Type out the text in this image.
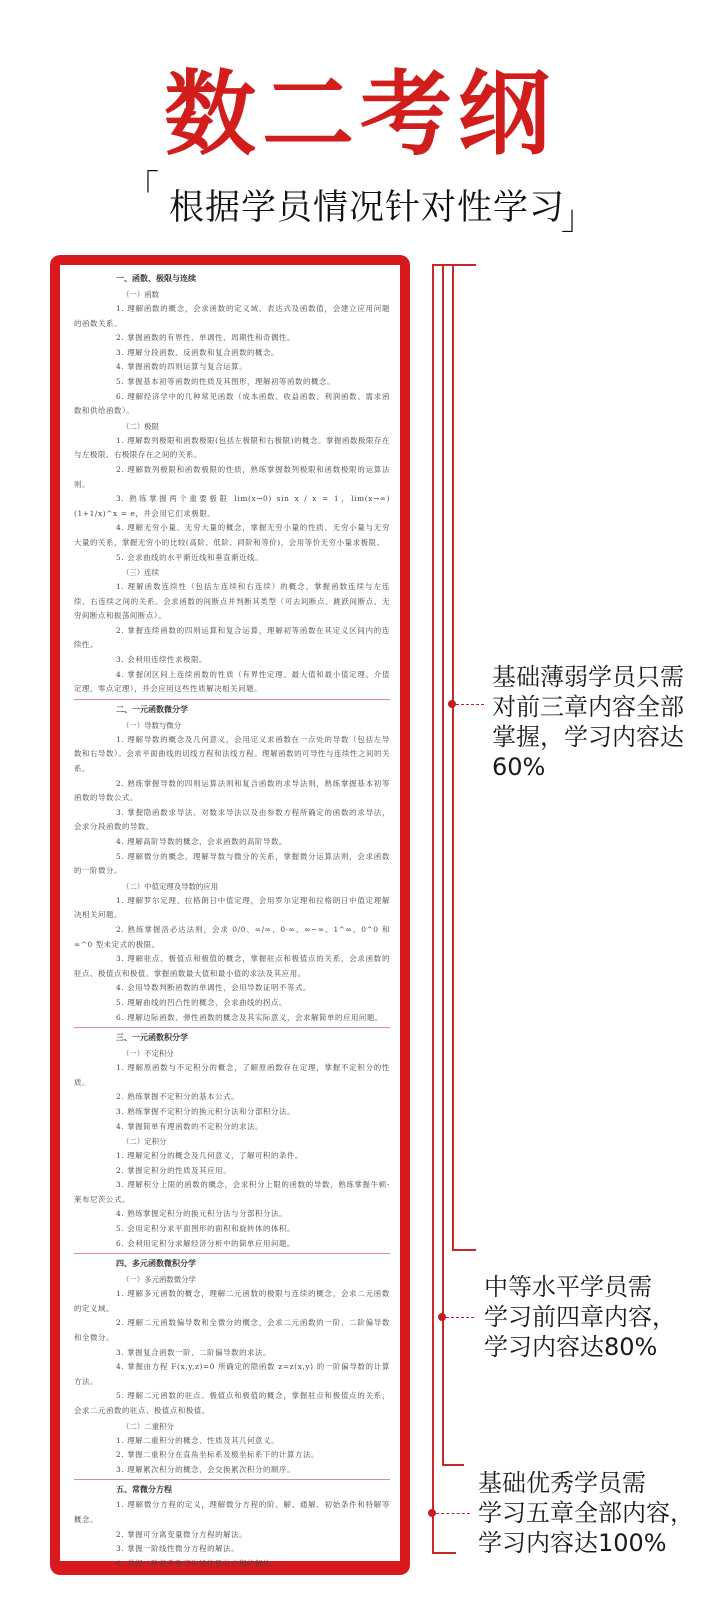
数二考纲
「 根据学员情况针对性学习
」
一、函数、极限与连续
（一）函数
1. 理解函数的概念，会求函数的定义域、表达式及函数值，会建立应用问题的函数关系。
2. 掌握函数的有界性、单调性、周期性和奇偶性。
3. 理解分段函数、反函数和复合函数的概念。
4. 掌握函数的四则运算与复合运算。
5. 掌握基本初等函数的性质及其图形，理解初等函数的概念。
6. 理解经济学中的几种常见函数（成本函数、收益函数、利润函数、需求函数和供给函数）。
（二）极限
1. 理解数列极限和函数极限(包括左极限和右极限)的概念。掌握函数极限存在与左极限、右极限存在之间的关系。
2. 理解数列极限和函数极限的性质，熟练掌握数列极限和函数极限的运算法则。
3. 熟练掌握两个重要极限 lim(x→0) sin x / x = 1，lim(x→∞)(1+1/x)^x = e，并会用它们求极限。
4. 理解无穷小量、无穷大量的概念，掌握无穷小量的性质、无穷小量与无穷大量的关系，掌握无穷小的比较(高阶、低阶、同阶和等价)，会用等价无穷小量求极限。
5. 会求曲线的水平渐近线和垂直渐近线。
（三）连续
1. 理解函数连续性（包括左连续和右连续）的概念，掌握函数连续与左连续、右连续之间的关系。会求函数的间断点并判断其类型（可去间断点、跳跃间断点、无穷间断点和振荡间断点）。
2. 掌握连续函数的四则运算和复合运算，理解初等函数在其定义区间内的连续性。
3. 会利用连续性求极限。
4. 掌握闭区间上连续函数的性质（有界性定理、最大值和最小值定理、介值定理、零点定理），并会应用这些性质解决相关问题。
二、一元函数微分学
（一）导数与微分
1. 理解导数的概念及几何意义，会用定义求函数在一点处的导数（包括左导数和右导数）。会求平面曲线的切线方程和法线方程。理解函数的可导性与连续性之间的关系。
2. 熟练掌握导数的四则运算法则和复合函数的求导法则，熟练掌握基本初等函数的导数公式。
3. 掌握隐函数求导法、对数求导法以及由参数方程所确定的函数的求导法，会求分段函数的导数。
4. 理解高阶导数的概念，会求函数的高阶导数。
5. 理解微分的概念，理解导数与微分的关系，掌握微分运算法则，会求函数的一阶微分。
（二）中值定理及导数的应用
1. 理解罗尔定理、拉格朗日中值定理，会用罗尔定理和拉格朗日中值定理解决相关问题。
2. 熟练掌握洛必达法则，会求 0/0、∞/∞、0·∞、∞−∞、1^∞、0^0 和 ∞^0 型未定式的极限。
3. 理解驻点、极值点和极值的概念，掌握驻点和极值点的关系，会求函数的驻点、极值点和极值。掌握函数最大值和最小值的求法及其应用。
4. 会用导数判断函数的单调性，会用导数证明不等式。
5. 理解曲线的凹凸性的概念，会求曲线的拐点。
6. 理解边际函数、弹性函数的概念及其实际意义，会求解简单的应用问题。
三、一元函数积分学
（一）不定积分
1. 理解原函数与不定积分的概念，了解原函数存在定理，掌握不定积分的性质。
2. 熟练掌握不定积分的基本公式。
3. 熟练掌握不定积分的换元积分法和分部积分法。
4. 掌握简单有理函数的不定积分的求法。
（二）定积分
1. 理解定积分的概念及几何意义，了解可积的条件。
2. 掌握定积分的性质及其应用。
3. 理解积分上限的函数的概念，会求积分上限的函数的导数，熟练掌握牛顿-莱布尼茨公式。
4. 熟练掌握定积分的换元积分法与分部积分法。
5. 会用定积分求平面图形的面积和旋转体的体积。
6. 会利用定积分求解经济分析中的简单应用问题。
四、多元函数微积分学
（一）多元函数微分学
1. 理解多元函数的概念，理解二元函数的极限与连续的概念，会求二元函数的定义域。
2. 理解二元函数偏导数和全微分的概念，会求二元函数的一阶、二阶偏导数和全微分。
3. 掌握复合函数一阶、二阶偏导数的求法。
4. 掌握由方程 F(x,y,z)=0 所确定的隐函数 z=z(x,y) 的一阶偏导数的计算方法。
5. 理解二元函数的驻点、极值点和极值的概念，掌握驻点和极值点的关系，会求二元函数的驻点、极值点和极值。
（二）二重积分
1. 理解二重积分的概念、性质及其几何意义。
2. 掌握二重积分在直角坐标系及极坐标系下的计算方法。
3. 理解累次积分的概念，会交换累次积分的顺序。
五、常微分方程
1. 理解微分方程的定义，理解微分方程的阶、解、通解、初始条件和特解等概念。
2. 掌握可分离变量微分方程的解法。
3. 掌握一阶线性微分方程的解法。
4. 掌握二阶常系数齐次线性微分方程的解法。
基础薄弱学员只需
对前三章内容全部
掌握，学习内容达
60%
中等水平学员需
学习前四章内容，
学习内容达80%
基础优秀学员需
学习五章全部内容，
学习内容达100%
